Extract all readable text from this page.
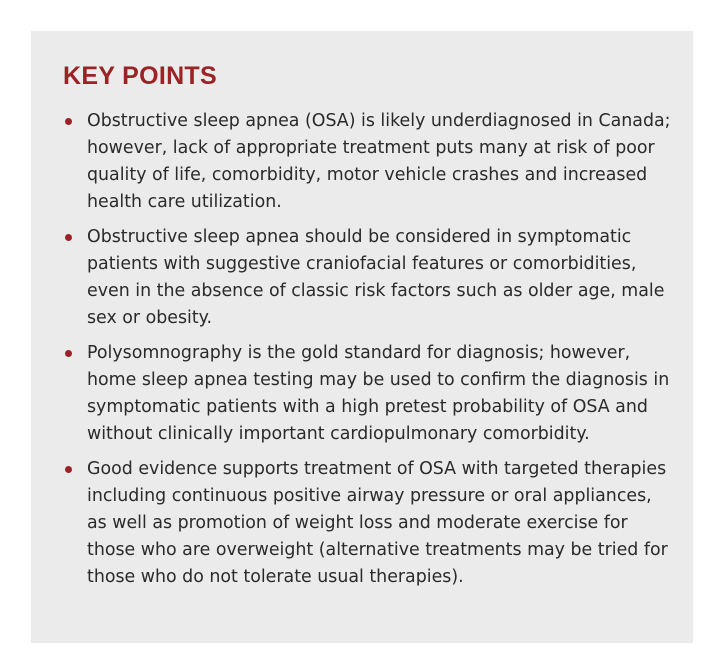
KEY POINTS
Obstructive sleep apnea (OSA) is likely underdiagnosed in Canada; however, lack of appropriate treatment puts many at risk of poor quality of life, comorbidity, motor vehicle crashes and increased health care utilization.
Obstructive sleep apnea should be considered in symptomatic patients with suggestive craniofacial features or comorbidities, even in the absence of classic risk factors such as older age, male sex or obesity.
Polysomnography is the gold standard for diagnosis; however, home sleep apnea testing may be used to confirm the diagnosis in symptomatic patients with a high pretest probability of OSA and without clinically important cardiopulmonary comorbidity.
Good evidence supports treatment of OSA with targeted therapies including continuous positive airway pressure or oral appliances, as well as promotion of weight loss and moderate exercise for those who are overweight (alternative treatments may be tried for those who do not tolerate usual therapies).
